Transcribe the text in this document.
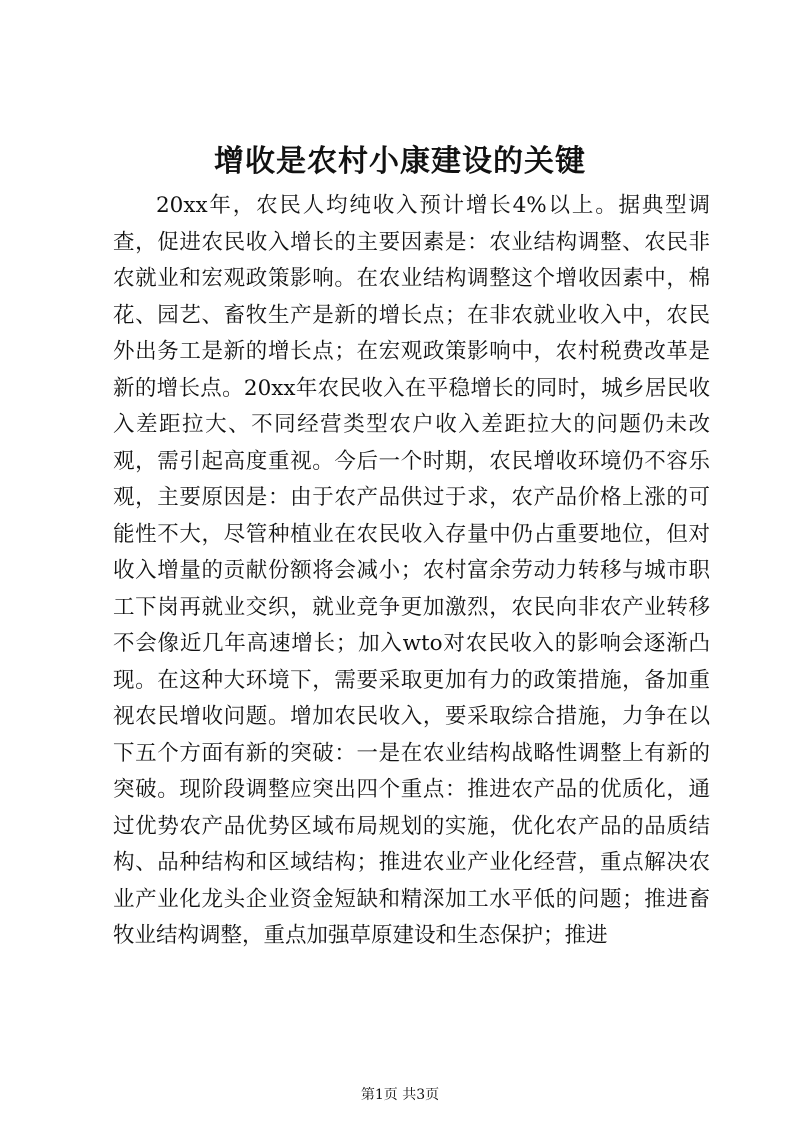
增收是农村小康建设的关键

20xx年，农民人均纯收入预计增长4%以上。据典型调查，促进农民收入增长的主要因素是：农业结构调整、农民非农就业和宏观政策影响。在农业结构调整这个增收因素中，棉花、园艺、畜牧生产是新的增长点；在非农就业收入中，农民外出务工是新的增长点；在宏观政策影响中，农村税费改革是新的增长点。20xx年农民收入在平稳增长的同时，城乡居民收入差距拉大、不同经营类型农户收入差距拉大的问题仍未改观，需引起高度重视。今后一个时期，农民增收环境仍不容乐观，主要原因是：由于农产品供过于求，农产品价格上涨的可能性不大，尽管种植业在农民收入存量中仍占重要地位，但对收入增量的贡献份额将会减小；农村富余劳动力转移与城市职工下岗再就业交织，就业竞争更加激烈，农民向非农产业转移不会像近几年高速增长；加入wto对农民收入的影响会逐渐凸现。在这种大环境下，需要采取更加有力的政策措施，备加重视农民增收问题。增加农民收入，要采取综合措施，力争在以下五个方面有新的突破：一是在农业结构战略性调整上有新的突破。现阶段调整应突出四个重点：推进农产品的优质化，通过优势农产品优势区域布局规划的实施，优化农产品的品质结构、品种结构和区域结构；推进农业产业化经营，重点解决农业产业化龙头企业资金短缺和精深加工水平低的问题；推进畜牧业结构调整，重点加强草原建设和生态保护；推进

第1页 共3页
